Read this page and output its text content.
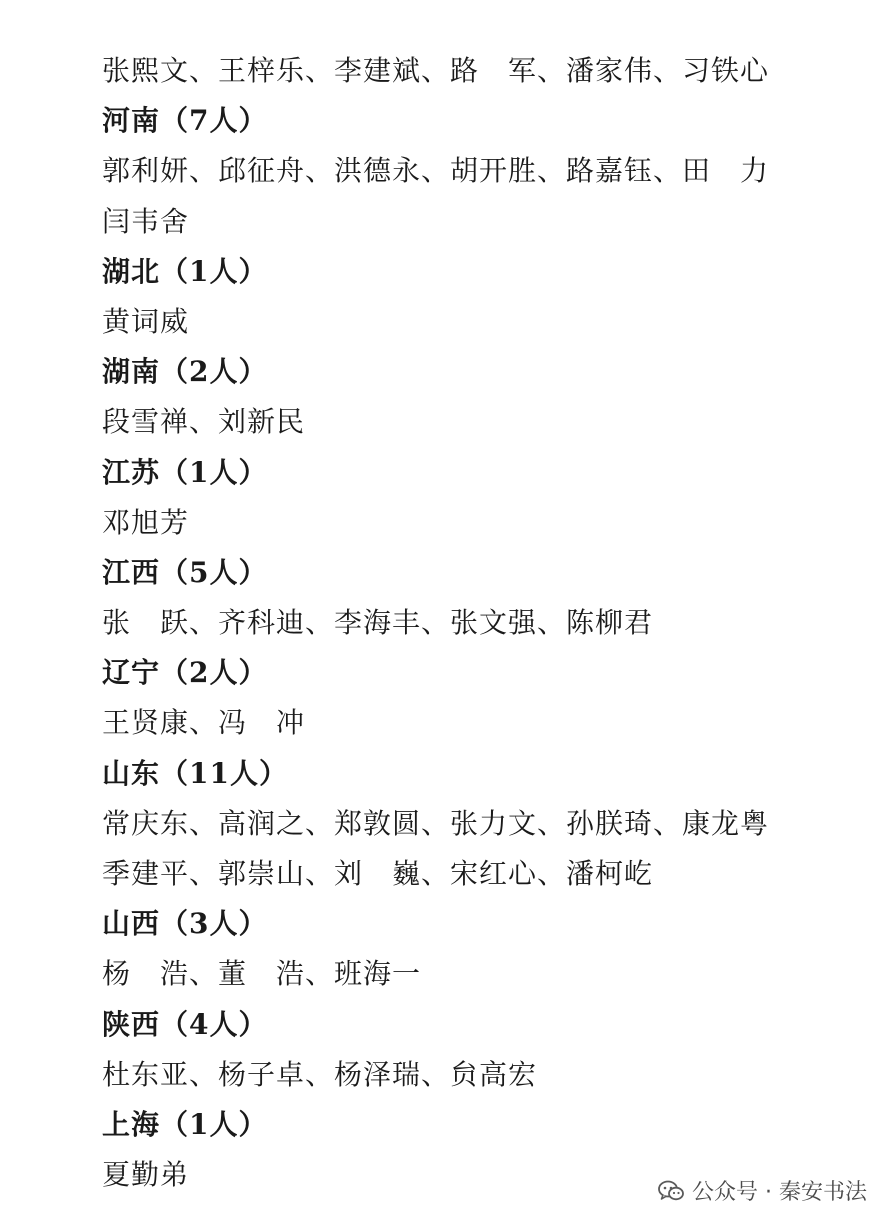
张熙文、王梓乐、李建斌、路　军、潘家伟、习铁心
河南（7人）
郭利妍、邱征舟、洪德永、胡开胜、路嘉钰、田　力
闫韦舍
湖北（1人）
黄词威
湖南（2人）
段雪禅、刘新民
江苏（1人）
邓旭芳
江西（5人）
张　跃、齐科迪、李海丰、张文强、陈柳君
辽宁（2人）
王贤康、冯　冲
山东（11人）
常庆东、高润之、郑敦圆、张力文、孙朕琦、康龙粤
季建平、郭崇山、刘　巍、宋红心、潘柯屹
山西（3人）
杨　浩、董　浩、班海一
陕西（4人）
杜东亚、杨子卓、杨泽瑞、贠高宏
上海（1人）
夏勤弟
公众号 · 秦安书法
